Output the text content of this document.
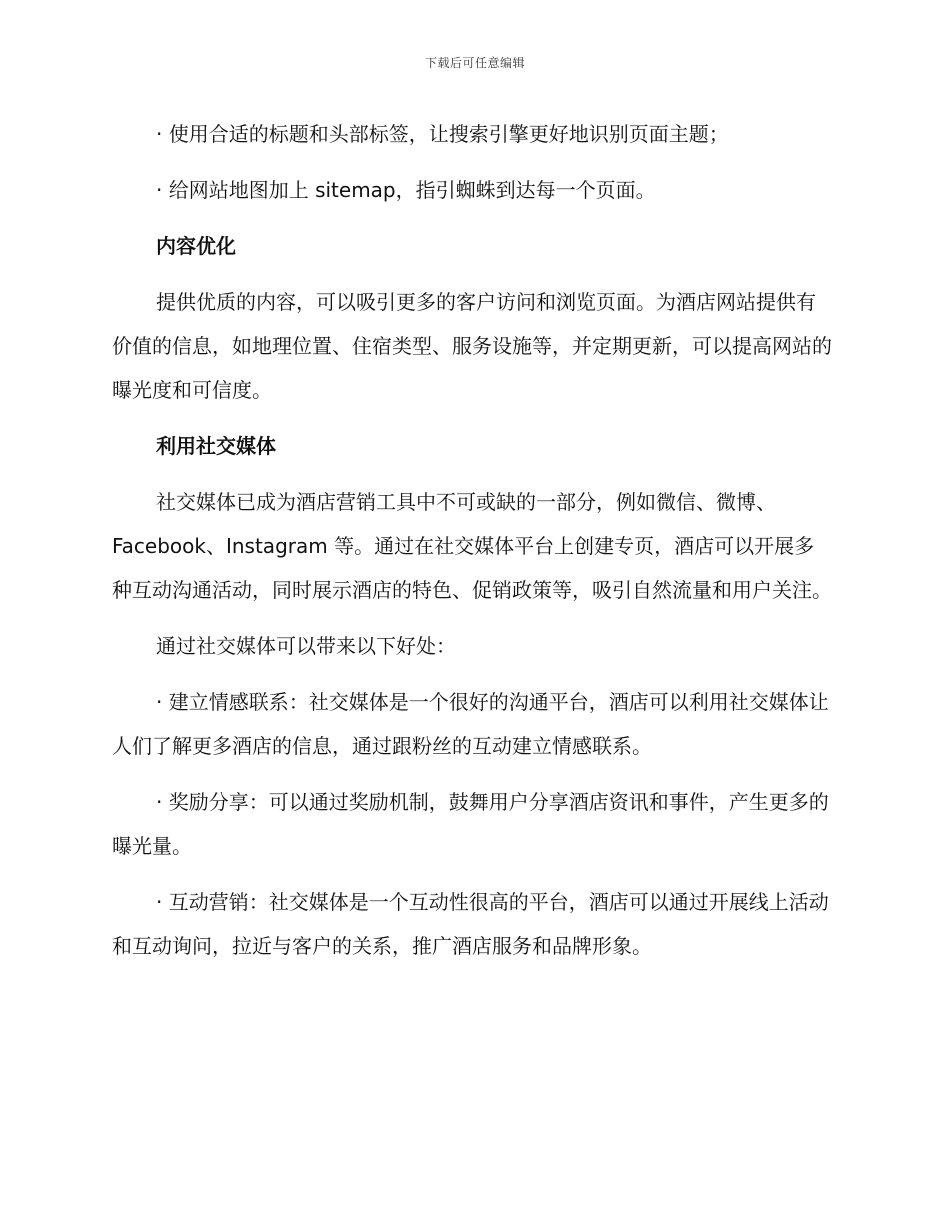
下载后可任意编辑

· 使用合适的标题和头部标签，让搜索引擎更好地识别页面主题；

· 给网站地图加上 sitemap，指引蜘蛛到达每一个页面。

内容优化

提供优质的内容，可以吸引更多的客户访问和浏览页面。为酒店网站提供有价值的信息，如地理位置、住宿类型、服务设施等，并定期更新，可以提高网站的曝光度和可信度。

利用社交媒体

社交媒体已成为酒店营销工具中不可或缺的一部分，例如微信、微博、Facebook、Instagram 等。通过在社交媒体平台上创建专页，酒店可以开展多种互动沟通活动，同时展示酒店的特色、促销政策等，吸引自然流量和用户关注。

通过社交媒体可以带来以下好处：

· 建立情感联系：社交媒体是一个很好的沟通平台，酒店可以利用社交媒体让人们了解更多酒店的信息，通过跟粉丝的互动建立情感联系。

· 奖励分享：可以通过奖励机制，鼓舞用户分享酒店资讯和事件，产生更多的曝光量。

· 互动营销：社交媒体是一个互动性很高的平台，酒店可以通过开展线上活动和互动询问，拉近与客户的关系，推广酒店服务和品牌形象。
